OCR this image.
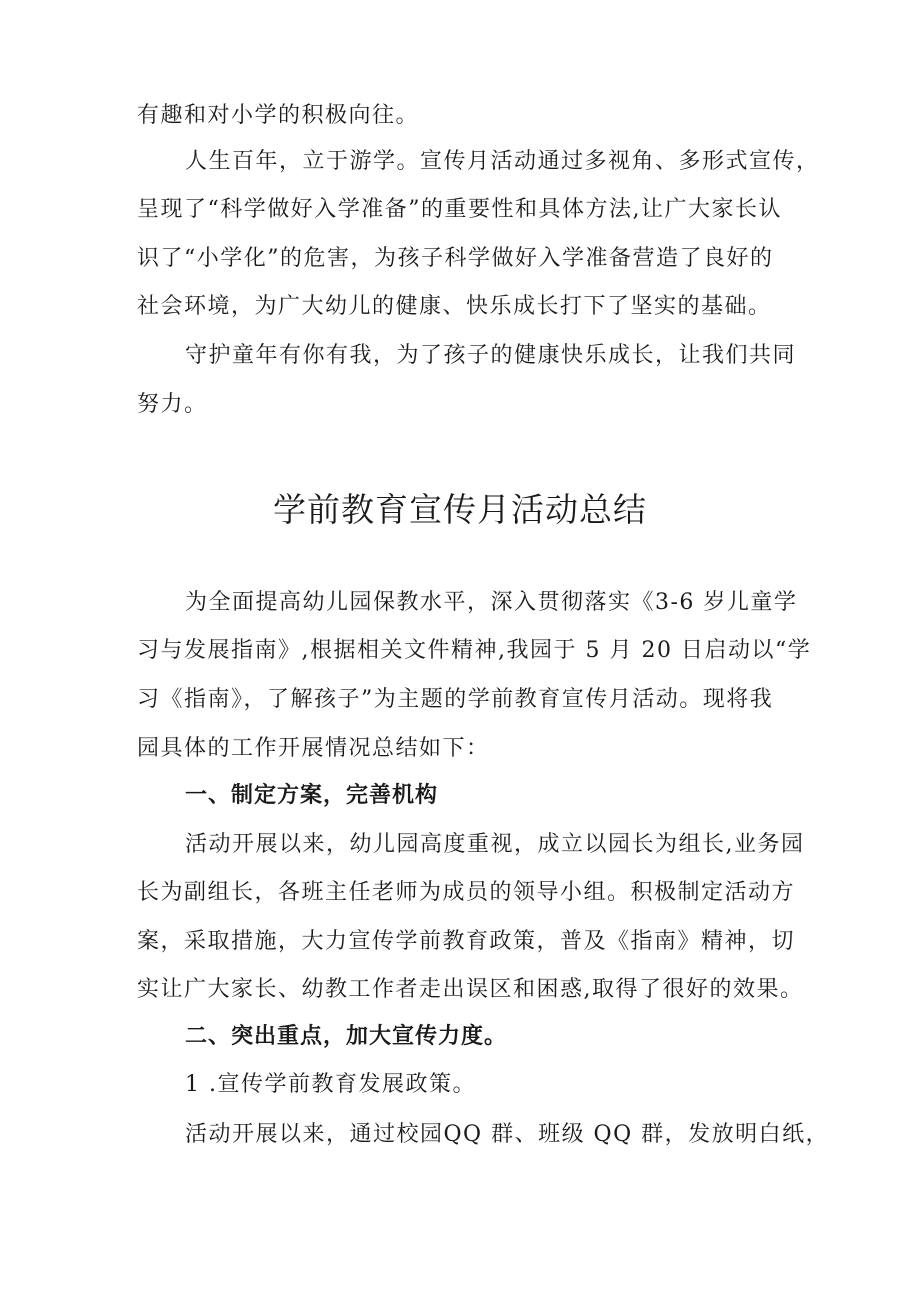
有趣和对小学的积极向往。
人生百年，立于游学。宣传月活动通过多视角、多形式宣传，
呈现了“科学做好入学准备”的重要性和具体方法,让广大家长认
识了“小学化”的危害，为孩子科学做好入学准备营造了良好的
社会环境，为广大幼儿的健康、快乐成长打下了坚实的基础。
守护童年有你有我，为了孩子的健康快乐成长，让我们共同
努力。
学前教育宣传月活动总结
为全面提高幼儿园保教水平，深入贯彻落实《3-6 岁儿童学
习与发展指南》,根据相关文件精神,我园于 5 月 20 日启动以“学
习《指南》，了解孩子”为主题的学前教育宣传月活动。现将我
园具体的工作开展情况总结如下：
一、制定方案，完善机构
活动开展以来，幼儿园高度重视，成立以园长为组长,业务园
长为副组长，各班主任老师为成员的领导小组。积极制定活动方
案，采取措施，大力宣传学前教育政策，普及《指南》精神，切
实让广大家长、幼教工作者走出误区和困惑,取得了很好的效果。
二、突出重点，加大宣传力度。
1 .宣传学前教育发展政策。
活动开展以来，通过校园QQ 群、班级 QQ 群，发放明白纸，
